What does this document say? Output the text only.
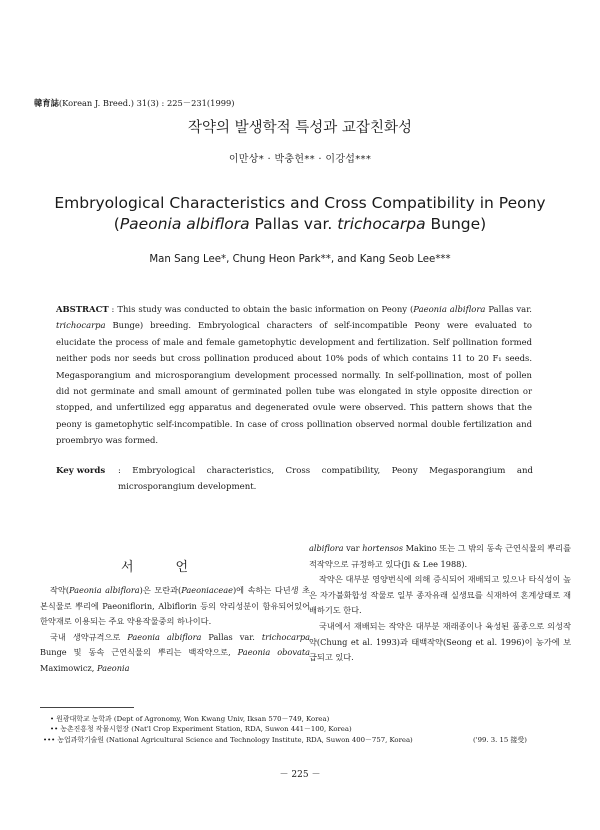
韓育誌(Korean J. Breed.) 31(3) : 225－231(1999)
작약의 발생학적 특성과 교잡친화성
이만상* · 박충헌** · 이강섭***
Embryological Characteristics and Cross Compatibility in Peony
(Paeonia albiflora Pallas var. trichocarpa Bunge)
Man Sang Lee*, Chung Heon Park**, and Kang Seob Lee***
ABSTRACT : This study was conducted to obtain the basic information on Peony (Paeonia albiflora Pallas var. trichocarpa Bunge) breeding. Embryological characters of self-incompatible Peony were evaluated to elucidate the process of male and female gametophytic development and fertilization. Self pollination formed neither pods nor seeds but cross pollination produced about 10% pods of which contains 11 to 20 F₁ seeds. Megasporangium and microsporangium development processed normally. In self-pollination, most of pollen did not germinate and small amount of germinated pollen tube was elongated in style opposite direction or stopped, and unfertilized egg apparatus and degenerated ovule were observed. This pattern shows that the peony is gametophytic self-incompatible. In case of cross pollination observed normal double fertilization and proembryo was formed.
Key words : Embryological characteristics, Cross compatibility, Peony Megasporangium and microsporangium development.
서언

작약(Paeonia albiflora)은 모란과(Paeoniaceae)에 속하는 다년생 초본식물로 뿌리에 Paeoniflorin, Albiflorin 등의 약리성분이 함유되어있어 한약재로 이용되는 주요 약용작물중의 하나이다.

국내 생약규격으로 Paeonia albiflora Pallas var. trichocarpa Bunge 및 동속 근연식물의 뿌리는 백작약으로, Paeonia obovata Maximowicz, Paeonia

albiflora var hortensos Makino 또는 그 밖의 동속 근연식물의 뿌리를 적작약으로 규정하고 있다(Ji & Lee 1988).

작약은 대부분 영양번식에 의해 증식되어 재배되고 있으나 타식성이 높은 자가불화합성 작물로 일부 종자유래 실생묘를 식재하여 혼계상태로 재배하기도 한다.

국내에서 재배되는 작약은 대부분 재래종이나 육성된 품종으로 의성작약(Chung et al. 1993)과 태백작약(Seong et al. 1996)이 농가에 보급되고 있다.

• 원광대학교 농학과 (Dept of Agronomy, Won Kwang Univ, Iksan 570－749, Korea)
•• 농촌진흥청 작물시험장 (Nat'l Crop Experiment Station, RDA, Suwon 441－100, Korea)
••• 농업과학기술원 (National Agricultural Science and Technology Institute, RDA, Suwon 400－757, Korea)	('99. 3. 15 接受)
－ 225 －
